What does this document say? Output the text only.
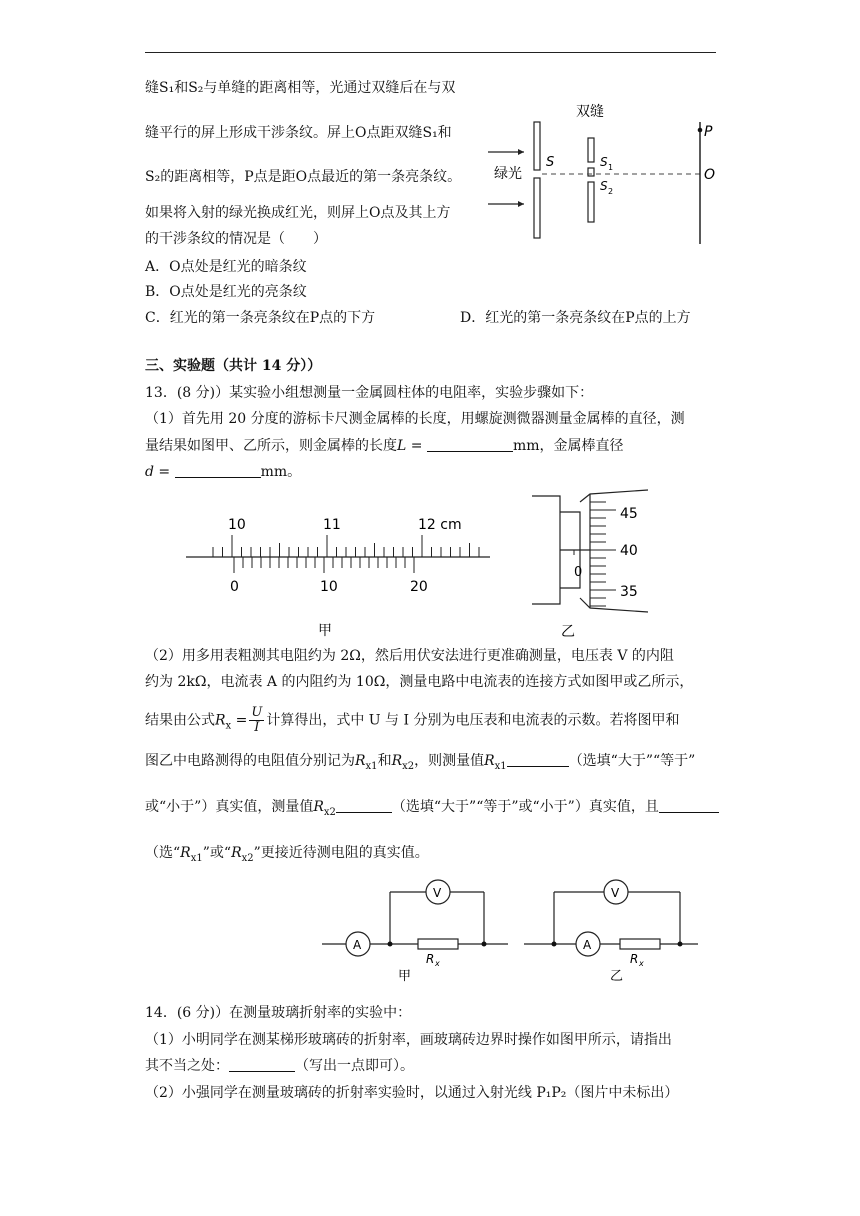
缝S₁和S₂与单缝的距离相等，光通过双缝后在与双
缝平行的屏上形成干涉条纹。屏上O点距双缝S₁和
S₂的距离相等，P点是距O点最近的第一条亮条纹。
如果将入射的绿光换成红光，则屏上O点及其上方
的干涉条纹的情况是（　　）
A．O点处是红光的暗条纹
B．O点处是红光的亮条纹
C．红光的第一条亮条纹在P点的下方	D．红光的第一条亮条纹在P点的上方
双缝
绿光
S	S 1
S 2
P
O
三、实验题（共计 14 分））
13．(8 分)）某实验小组想测量一金属圆柱体的电阻率，实验步骤如下：
（1）首先用 20 分度的游标卡尺测金属棒的长度，用螺旋测微器测量金属棒的直径，测
量结果如图甲、乙所示，则金属棒的长度L =	mm，金属棒直径
d =	mm。
10	11	12 cm
0	10	20
甲
0
45
40
35
乙
（2）用多用表粗测其电阻约为 2Ω，然后用伏安法进行更准确测量，电压表 V 的内阻
约为 2kΩ，电流表 A 的内阻约为 10Ω，测量电路中电流表的连接方式如图甲或乙所示，
结果由公式$R_x = \frac{U}{I}$ 计算得出，式中 U 与 I 分别为电压表和电流表的示数。若将图甲和
图乙中电路测得的电阻值分别记为$R_{x1}$和$R_{x2}$，则测量值$R_{x1}$	（选填“大于”“等于”
或“小于”）真实值，测量值$R_{x2}$	（选填“大于”“等于”或“小于”）真实值，且
（选“$R_{x1}$”或“$R_{x2}$”更接近待测电阻的真实值。
A
V
R x
甲
V
A
R x
乙
14．(6 分)）在测量玻璃折射率的实验中：
（1）小明同学在测某梯形玻璃砖的折射率，画玻璃砖边界时操作如图甲所示，请指出
其不当之处：	（写出一点即可）。
（2）小强同学在测量玻璃砖的折射率实验时，以通过入射光线 P₁P₂（图片中未标出）
